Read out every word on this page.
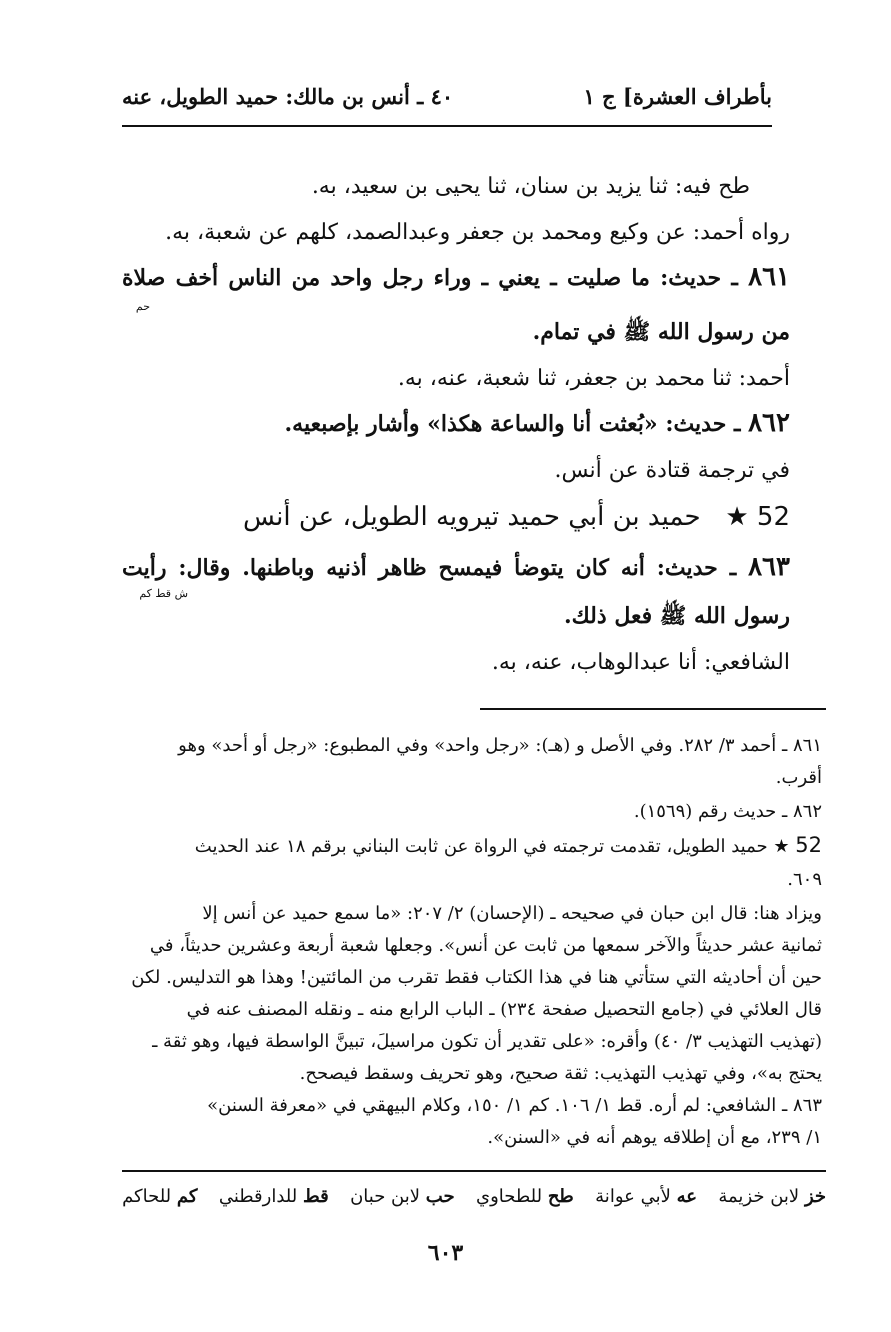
بأطراف العشرة] ج ١
٤٠ ـ أنس بن مالك: حميد الطويل، عنه
طح فيه: ثنا يزيد بن سنان، ثنا يحيى بن سعيد، به.
رواه أحمد: عن وكيع ومحمد بن جعفر وعبدالصمد، كلهم عن شعبة، به.
٨٦١ ـ حديث: ما صليت ـ يعني ـ وراء رجل واحد من الناس أخف صلاة
حم
من رسول الله ﷺ في تمام.
أحمد: ثنا محمد بن جعفر، ثنا شعبة، عنه، به.
٨٦٢ ـ حديث: «بُعثت أنا والساعة هكذا» وأشار بإصبعيه.
في ترجمة قتادة عن أنس.
52 ★   حميد بن أبي حميد تيرويه الطويل، عن أنس
٨٦٣ ـ حديث: أنه كان يتوضأ فيمسح ظاهر أذنيه وباطنها. وقال: رأيت
ش قط كم
رسول الله ﷺ فعل ذلك.
الشافعي: أنا عبدالوهاب، عنه، به.
٨٦١ ـ أحمد ٣/ ٢٨٢. وفي الأصل و (هـ): «رجل واحد» وفي المطبوع: «رجل أو أحد» وهو
أقرب.
٨٦٢ ـ حديث رقم (١٥٦٩).
52 ★ حميد الطويل، تقدمت ترجمته في الرواة عن ثابت البناني برقم ١٨ عند الحديث
٦٠٩.
ويزاد هنا: قال ابن حبان في صحيحه ـ (الإحسان) ٢/ ٢٠٧: «ما سمع حميد عن أنس إلا
ثمانية عشر حديثاً والآخر سمعها من ثابت عن أنس». وجعلها شعبة أربعة وعشرين حديثاً، في
حين أن أحاديثه التي ستأتي هنا في هذا الكتاب فقط تقرب من المائتين! وهذا هو التدليس. لكن
قال العلائي في (جامع التحصيل صفحة ٢٣٤) ـ الباب الرابع منه ـ ونقله المصنف عنه في
(تهذيب التهذيب ٣/ ٤٠) وأقره: «على تقدير أن تكون مراسيلَ، تبينَّ الواسطة فيها، وهو ثقة ـ
يحتج به»، وفي تهذيب التهذيب: ثقة صحيح، وهو تحريف وسقط فيصحح.
٨٦٣ ـ الشافعي: لم أره. قط ١/ ١٠٦. كم ١/ ١٥٠، وكلام البيهقي في «معرفة السنن»
١/ ٢٣٩، مع أن إطلاقه يوهم أنه في «السنن».
خز لابن خزيمة
عه لأبي عوانة
طح للطحاوي
حب لابن حبان
قط للدارقطني
كم للحاكم
٦٠٣
